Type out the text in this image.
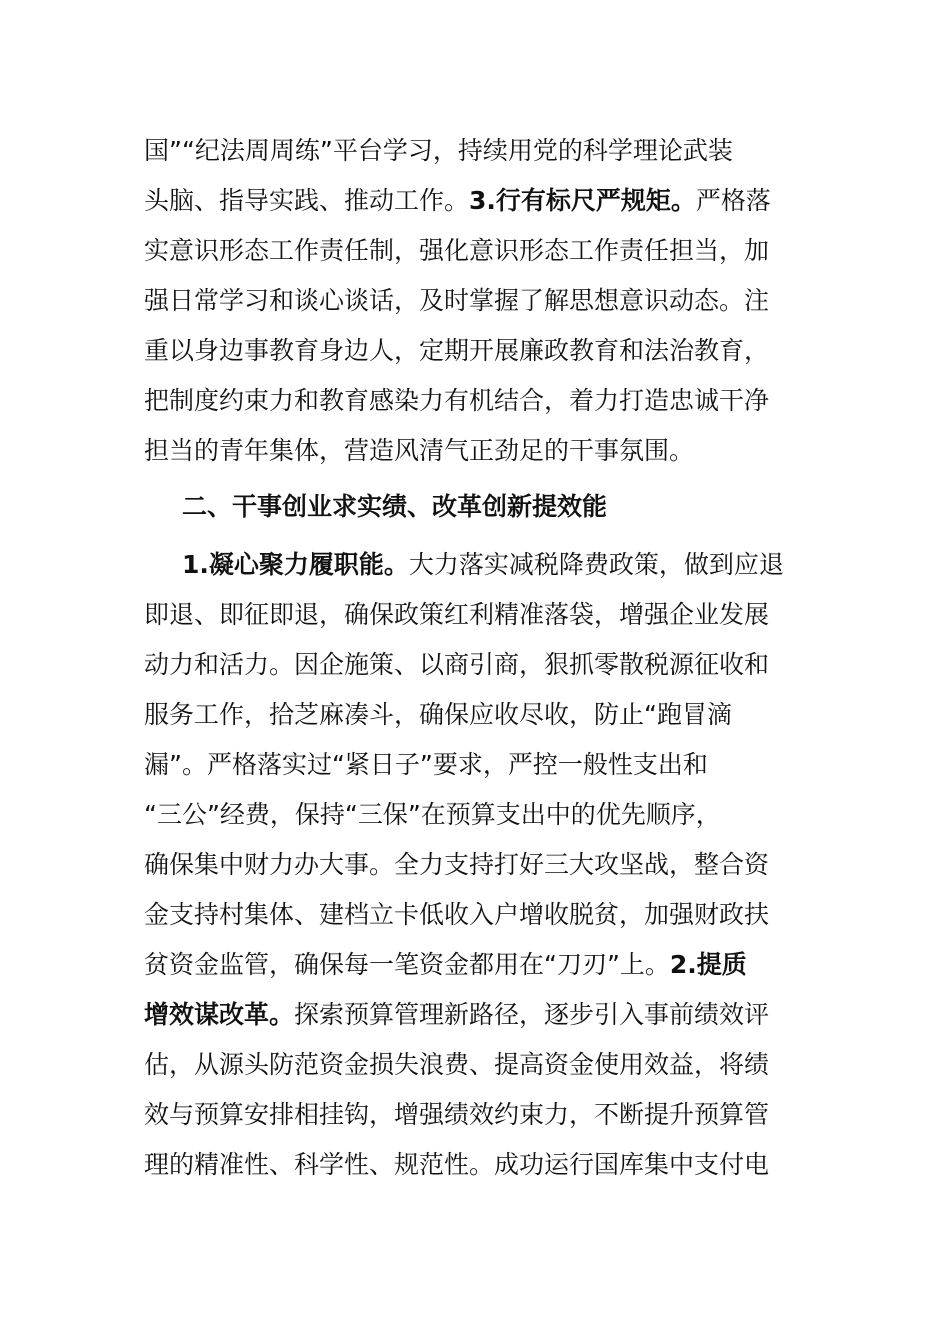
国”“纪法周周练”平台学习，持续用党的科学理论武装
头脑、指导实践、推动工作。3.行有标尺严规矩。严格落
实意识形态工作责任制，强化意识形态工作责任担当，加
强日常学习和谈心谈话，及时掌握了解思想意识动态。注
重以身边事教育身边人，定期开展廉政教育和法治教育，
把制度约束力和教育感染力有机结合，着力打造忠诚干净
担当的青年集体，营造风清气正劲足的干事氛围。
二、干事创业求实绩、改革创新提效能
1.凝心聚力履职能。大力落实减税降费政策，做到应退
即退、即征即退，确保政策红利精准落袋，增强企业发展
动力和活力。因企施策、以商引商，狠抓零散税源征收和
服务工作，拾芝麻凑斗，确保应收尽收，防止“跑冒滴
漏”。严格落实过“紧日子”要求，严控一般性支出和
“三公”经费，保持“三保”在预算支出中的优先顺序，
确保集中财力办大事。全力支持打好三大攻坚战，整合资
金支持村集体、建档立卡低收入户增收脱贫，加强财政扶
贫资金监管，确保每一笔资金都用在“刀刃”上。2.提质
增效谋改革。探索预算管理新路径，逐步引入事前绩效评
估，从源头防范资金损失浪费、提高资金使用效益，将绩
效与预算安排相挂钩，增强绩效约束力，不断提升预算管
理的精准性、科学性、规范性。成功运行国库集中支付电
